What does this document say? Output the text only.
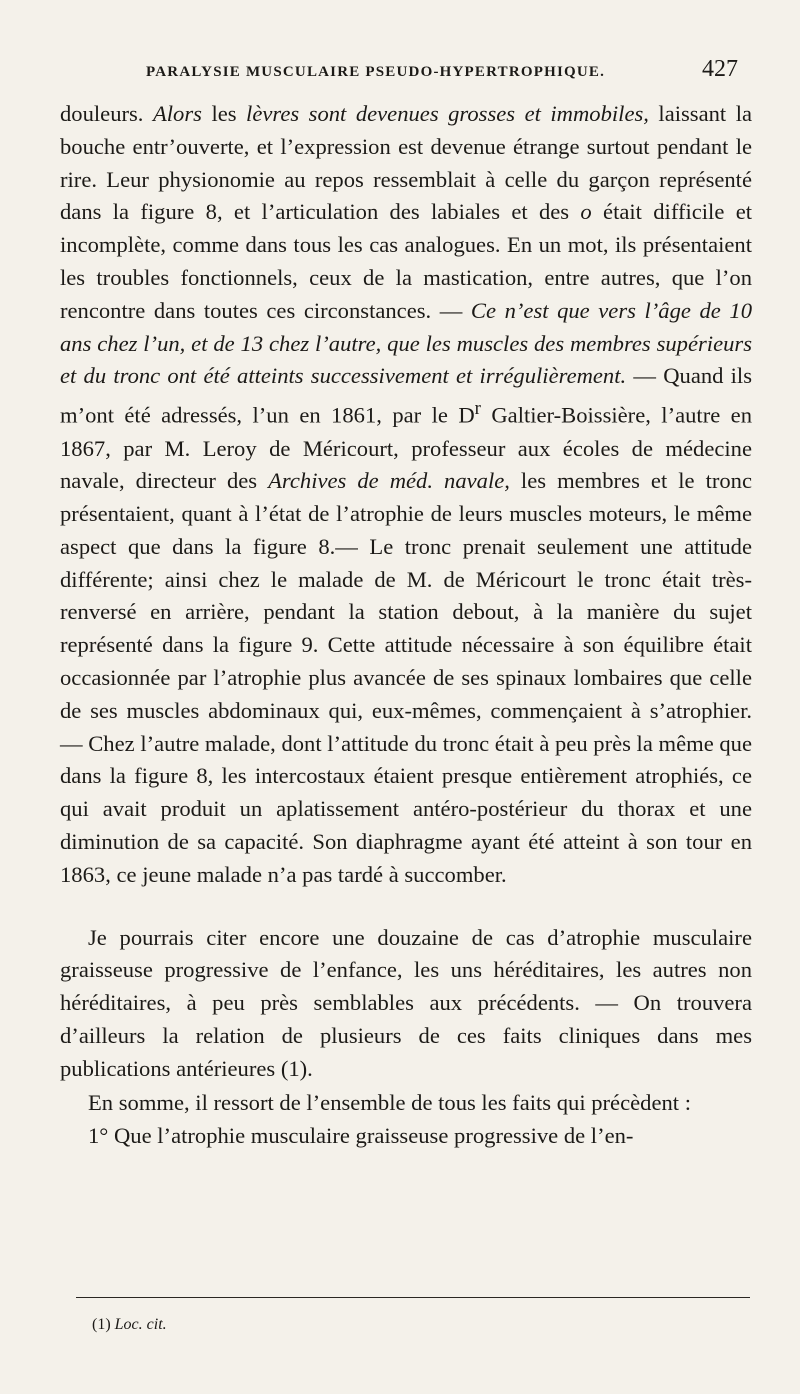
PARALYSIE MUSCULAIRE PSEUDO-HYPERTROPHIQUE.	427

douleurs. Alors les lèvres sont devenues grosses et immobiles, laissant la bouche entr’ouverte, et l’expression est devenue étrange surtout pendant le rire. Leur physionomie au repos ressemblait à celle du garçon représenté dans la figure 8, et l’articulation des labiales et des o était difficile et incomplète, comme dans tous les cas analogues. En un mot, ils présentaient les troubles fonctionnels, ceux de la mastication, entre autres, que l’on rencontre dans toutes ces circonstances. — Ce n’est que vers l’âge de 10 ans chez l’un, et de 13 chez l’autre, que les muscles des membres supérieurs et du tronc ont été atteints successivement et irrégulièrement. — Quand ils m’ont été adressés, l’un en 1861, par le $D^r$ Galtier-Boissière, l’autre en 1867, par M. Leroy de Méricourt, professeur aux écoles de médecine navale, directeur des Archives de méd. navale, les membres et le tronc présentaient, quant à l’état de l’atrophie de leurs muscles moteurs, le même aspect que dans la figure 8.— Le tronc prenait seulement une attitude différente; ainsi chez le malade de M. de Méricourt le tronc était très-renversé en arrière, pendant la station debout, à la manière du sujet représenté dans la figure 9. Cette attitude nécessaire à son équilibre était occasionnée par l’atrophie plus avancée de ses spinaux lombaires que celle de ses muscles abdominaux qui, eux-mêmes, commençaient à s’atrophier. — Chez l’autre malade, dont l’attitude du tronc était à peu près la même que dans la figure 8, les intercostaux étaient presque entièrement atrophiés, ce qui avait produit un aplatissement antéro-postérieur du thorax et une diminution de sa capacité. Son diaphragme ayant été atteint à son tour en 1863, ce jeune malade n’a pas tardé à succomber.

Je pourrais citer encore une douzaine de cas d’atrophie musculaire graisseuse progressive de l’enfance, les uns héréditaires, les autres non héréditaires, à peu près semblables aux précédents. — On trouvera d’ailleurs la relation de plusieurs de ces faits cliniques dans mes publications antérieures (1).

En somme, il ressort de l’ensemble de tous les faits qui précèdent :

1° Que l’atrophie musculaire graisseuse progressive de l’en-

(1) Loc. cit.
